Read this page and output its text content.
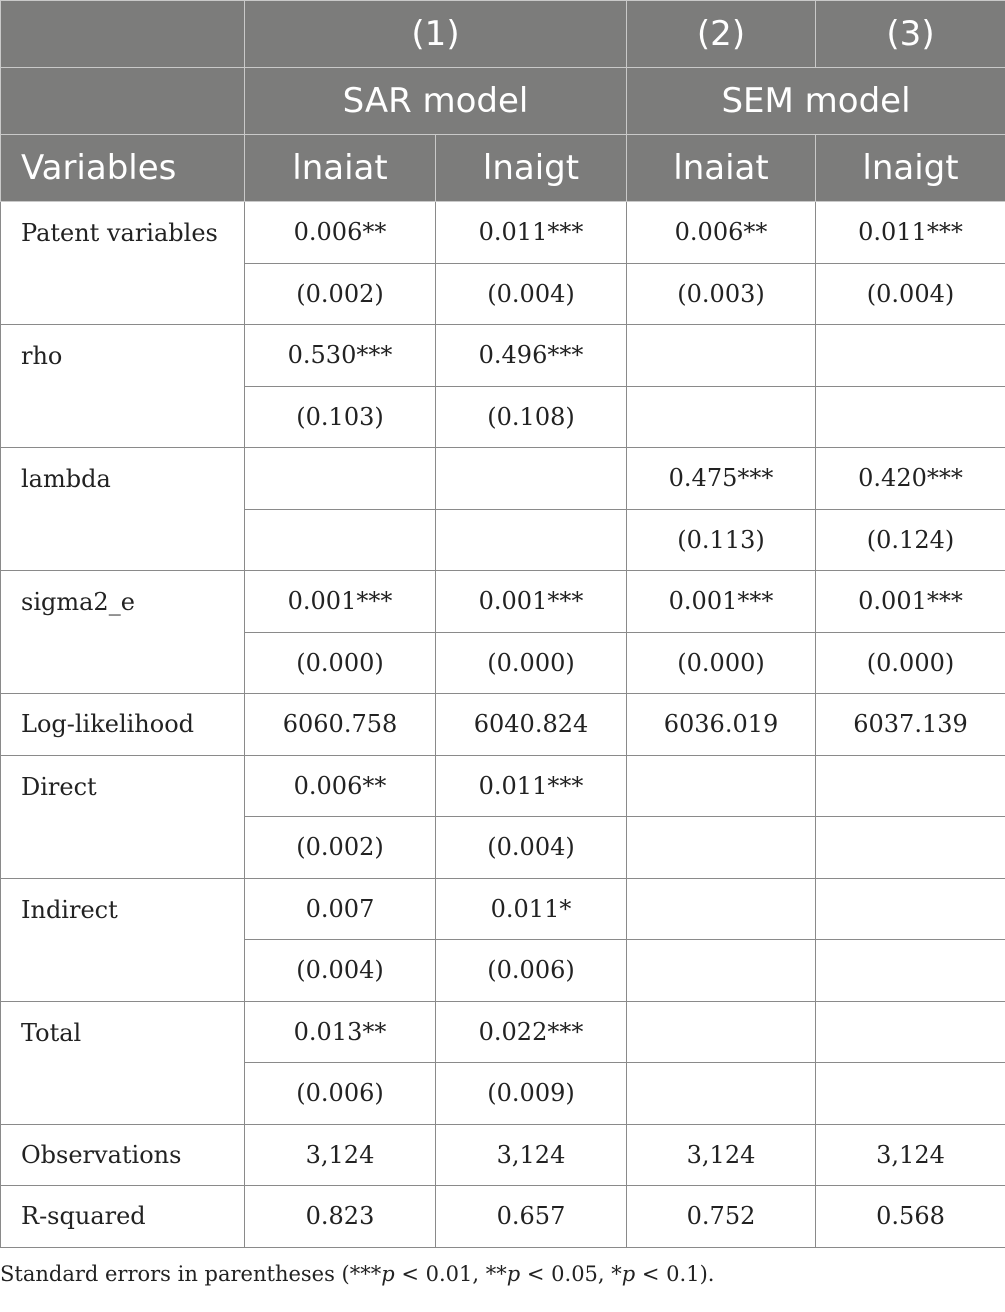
	(1)		(2)	(3)
	SAR model		SEM model	
Variables	lnaiat	lnaigt	lnaiat	lnaigt
Patent variables	0.006**	0.011***	0.006**	0.011***
	(0.002)	(0.004)	(0.003)	(0.004)
rho	0.530***	0.496***		
	(0.103)	(0.108)		
lambda			0.475***	0.420***
			(0.113)	(0.124)
sigma2_e	0.001***	0.001***	0.001***	0.001***
	(0.000)	(0.000)	(0.000)	(0.000)
Log-likelihood	6060.758	6040.824	6036.019	6037.139
Direct	0.006**	0.011***		
	(0.002)	(0.004)		
Indirect	0.007	0.011*		
	(0.004)	(0.006)		
Total	0.013**	0.022***		
	(0.006)	(0.009)		
Observations	3,124	3,124	3,124	3,124
R-squared	0.823	0.657	0.752	0.568
Standard errors in parentheses (***p < 0.01, **p < 0.05, *p < 0.1).
